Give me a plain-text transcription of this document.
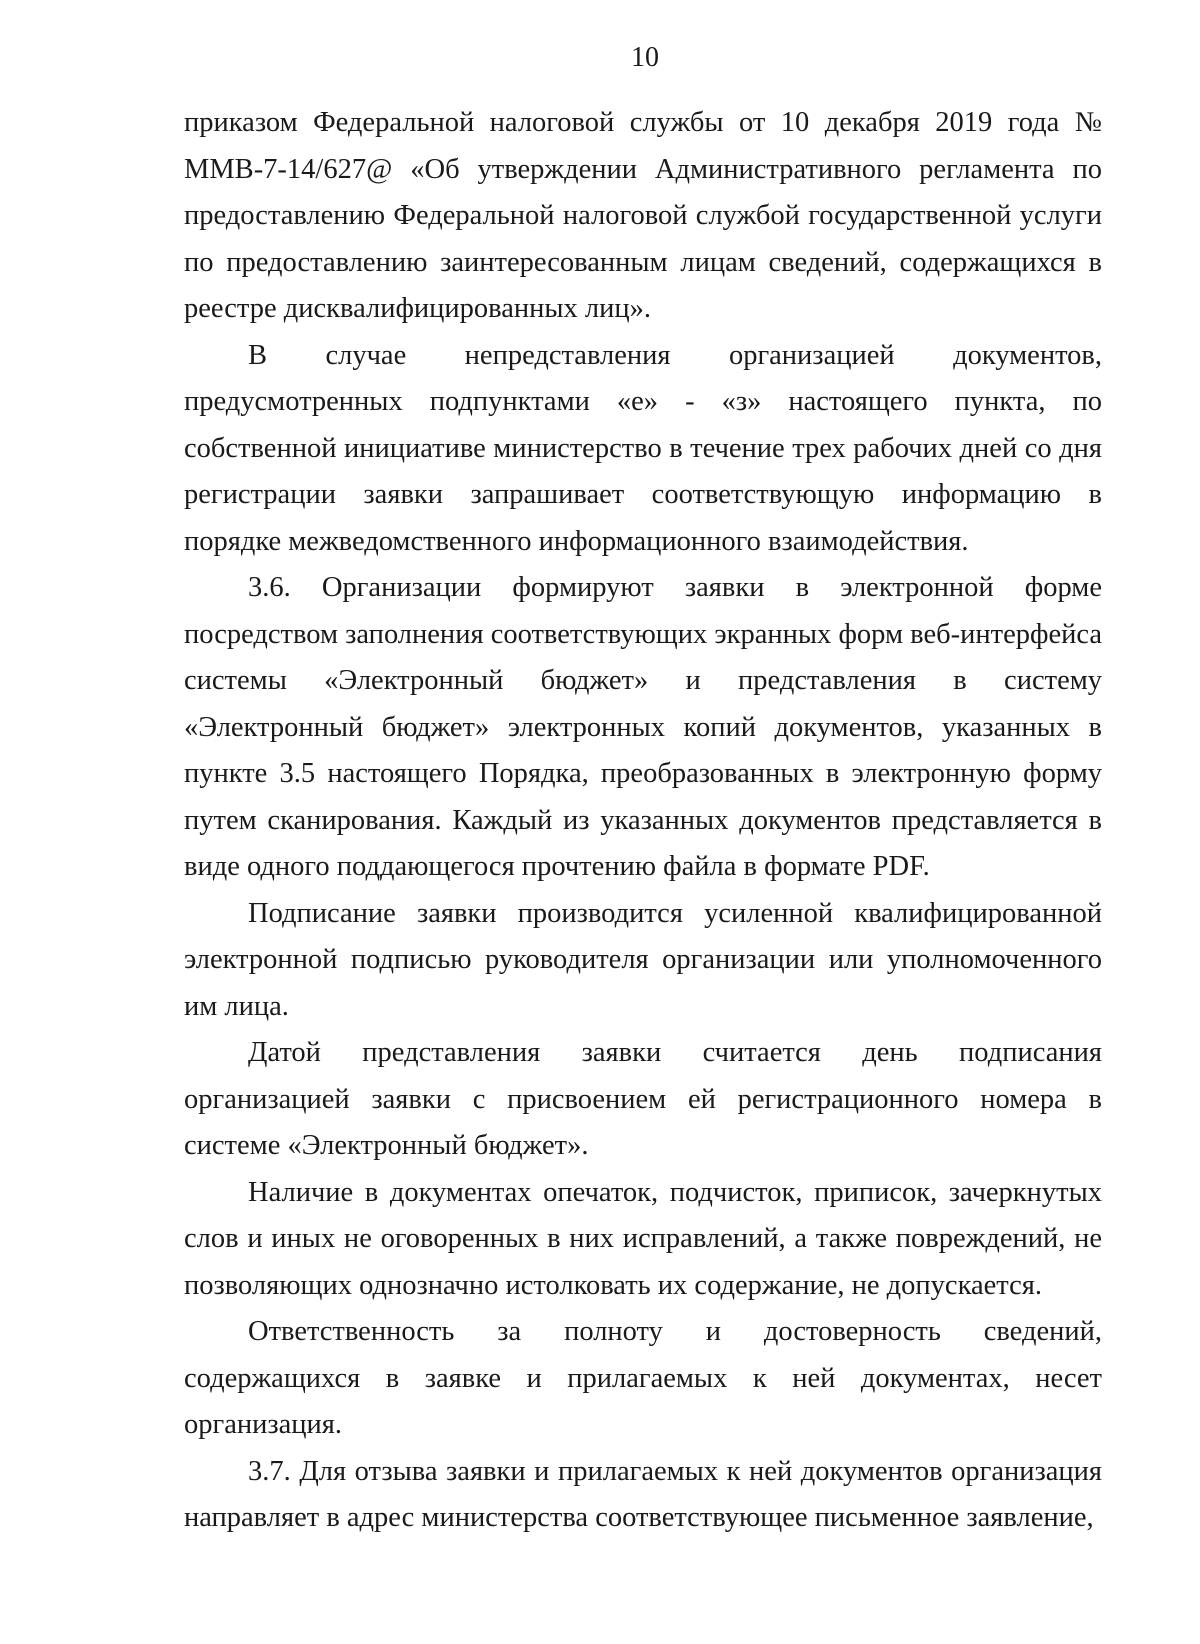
10

приказом Федеральной налоговой службы от 10 декабря 2019 года № ММВ-7-14/627@ «Об утверждении Административного регламента по предоставлению Федеральной налоговой службой государственной услуги по предоставлению заинтересованным лицам сведений, содержащихся в реестре дисквалифицированных лиц».

В случае непредставления организацией документов, предусмотренных подпунктами «е» - «з» настоящего пункта, по собственной инициативе министерство в течение трех рабочих дней со дня регистрации заявки запрашивает соответствующую информацию в порядке межведомственного информационного взаимодействия.

3.6. Организации формируют заявки в электронной форме посредством заполнения соответствующих экранных форм веб-интерфейса системы «Электронный бюджет» и представления в систему «Электронный бюджет» электронных копий документов, указанных в пункте 3.5 настоящего Порядка, преобразованных в электронную форму путем сканирования. Каждый из указанных документов представляется в виде одного поддающегося прочтению файла в формате PDF.

Подписание заявки производится усиленной квалифицированной электронной подписью руководителя организации или уполномоченного им лица.

Датой представления заявки считается день подписания организацией заявки с присвоением ей регистрационного номера в системе «Электронный бюджет».

Наличие в документах опечаток, подчисток, приписок, зачеркнутых слов и иных не оговоренных в них исправлений, а также повреждений, не позволяющих однозначно истолковать их содержание, не допускается.

Ответственность за полноту и достоверность сведений, содержащихся в заявке и прилагаемых к ней документах, несет организация.

3.7. Для отзыва заявки и прилагаемых к ней документов организация направляет в адрес министерства соответствующее письменное заявление,
